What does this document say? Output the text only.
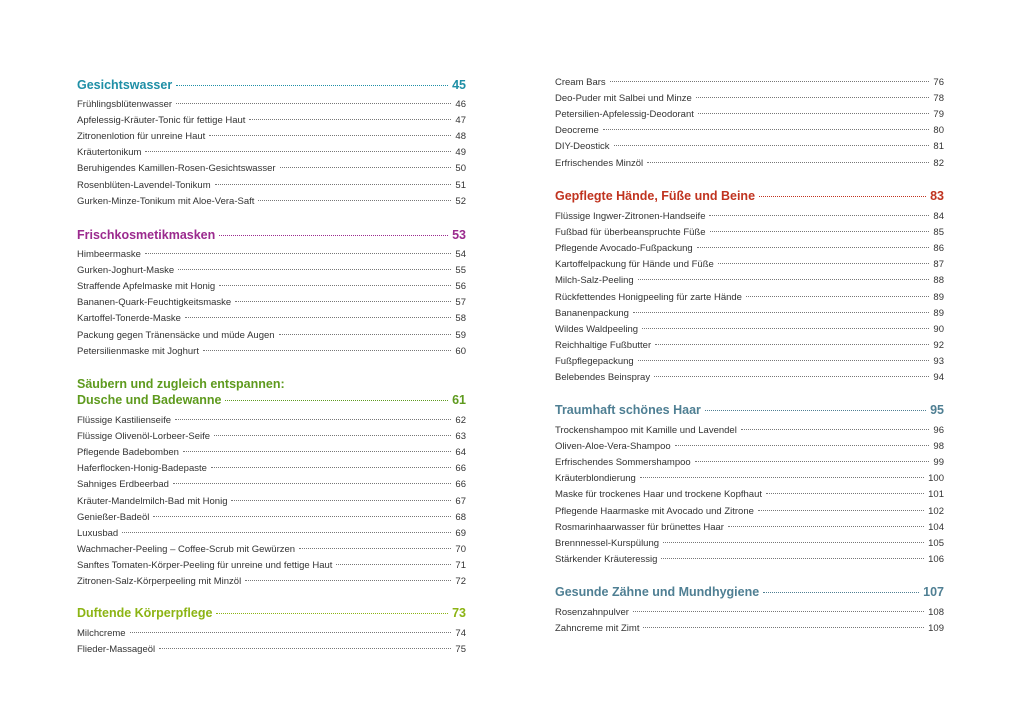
Gesichtswasser	45
Frühlingsblütenwasser	46
Apfelessig-Kräuter-Tonic für fettige Haut	47
Zitronenlotion für unreine Haut	48
Kräutertonikum	49
Beruhigendes Kamillen-Rosen-Gesichtswasser	50
Rosenblüten-Lavendel-Tonikum	51
Gurken-Minze-Tonikum mit Aloe-Vera-Saft	52
Frischkosmetikmasken	53
Himbeermaske	54
Gurken-Joghurt-Maske	55
Straffende Apfelmaske mit Honig	56
Bananen-Quark-Feuchtigkeitsmaske	57
Kartoffel-Tonerde-Maske	58
Packung gegen Tränensäcke und müde Augen	59
Petersilienmaske mit Joghurt	60
Säubern und zugleich entspannen:
Dusche und Badewanne	61
Flüssige Kastilienseife	62
Flüssige Olivenöl-Lorbeer-Seife	63
Pflegende Badebomben	64
Haferflocken-Honig-Badepaste	66
Sahniges Erdbeerbad	66
Kräuter-Mandelmilch-Bad mit Honig	67
Genießer-Badeöl	68
Luxusbad	69
Wachmacher-Peeling – Coffee-Scrub mit Gewürzen	70
Sanftes Tomaten-Körper-Peeling für unreine und fettige Haut	71
Zitronen-Salz-Körperpeeling mit Minzöl	72
Duftende Körperpflege	73
Milchcreme	74
Flieder-Massageöl	75
Cream Bars	76
Deo-Puder mit Salbei und Minze	78
Petersilien-Apfelessig-Deodorant	79
Deocreme	80
DIY-Deostick	81
Erfrischendes Minzöl	82
Gepflegte Hände, Füße und Beine	83
Flüssige Ingwer-Zitronen-Handseife	84
Fußbad für überbeanspruchte Füße	85
Pflegende Avocado-Fußpackung	86
Kartoffelpackung für Hände und Füße	87
Milch-Salz-Peeling	88
Rückfettendes Honigpeeling für zarte Hände	89
Bananenpackung	89
Wildes Waldpeeling	90
Reichhaltige Fußbutter	92
Fußpflegepackung	93
Belebendes Beinspray	94
Traumhaft schönes Haar	95
Trockenshampoo mit Kamille und Lavendel	96
Oliven-Aloe-Vera-Shampoo	98
Erfrischendes Sommershampoo	99
Kräuterblondierung	100
Maske für trockenes Haar und trockene Kopfhaut	101
Pflegende Haarmaske mit Avocado und Zitrone	102
Rosmarinhaarwasser für brünettes Haar	104
Brennnessel-Kurspülung	105
Stärkender Kräuteressig	106
Gesunde Zähne und Mundhygiene	107
Rosenzahnpulver	108
Zahncreme mit Zimt	109
